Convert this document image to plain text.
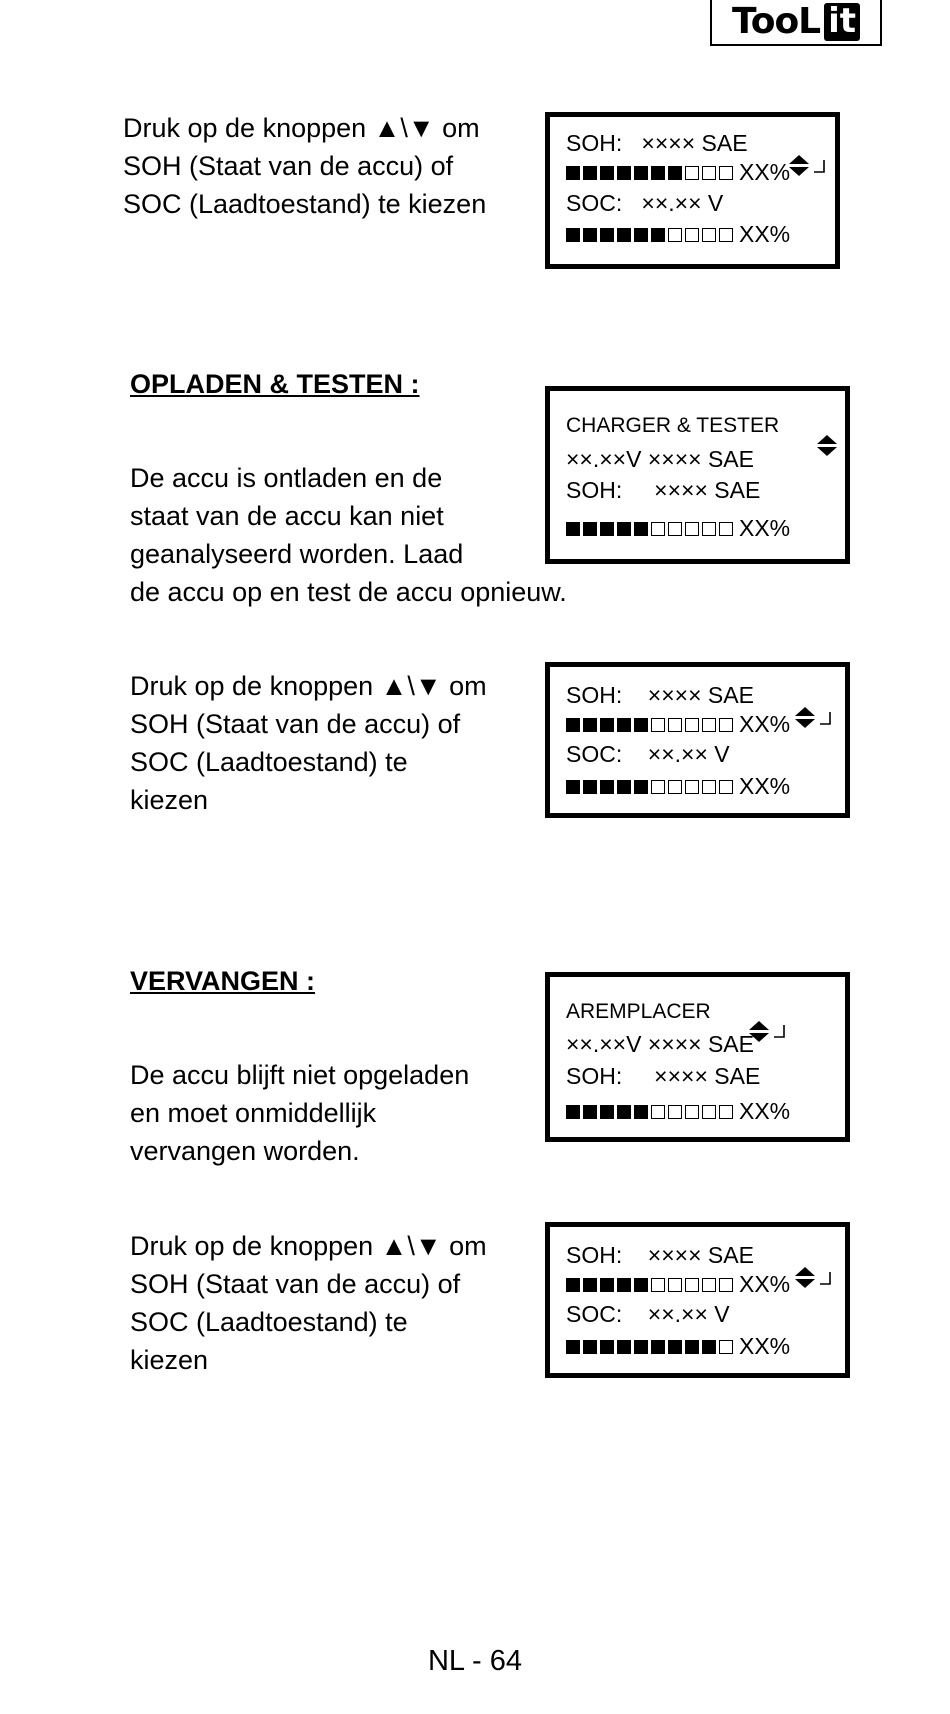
TooL it

Druk op de knoppen ▲\▼ om
SOH (Staat van de accu) of
SOC (Laadtoestand) te kiezen

SOH:   ×××× SAE

XX%
SOC:   ××.×× V
XX%
OPLADEN & TESTEN :

De accu is ontladen en de
staat van de accu kan niet
geanalyseerd worden. Laad
de accu op en test de accu opnieuw.

CHARGER & TESTER

××.××V ×××× SAE
SOH:     ×××× SAE
XX%

Druk op de knoppen ▲\▼ om
SOH (Staat van de accu) of
SOC (Laadtoestand) te
kiezen

SOH:    ×××× SAE

XX%
SOC:    ××.×× V
XX%
VERVANGEN :

De accu blijft niet opgeladen
en moet onmiddellijk
vervangen worden.

AREMPLACER

××.××V ×××× SAE
SOH:     ×××× SAE
XX%

Druk op de knoppen ▲\▼ om
SOH (Staat van de accu) of
SOC (Laadtoestand) te
kiezen

SOH:    ×××× SAE

XX%
SOC:    ××.×× V
XX%
NL - 64
